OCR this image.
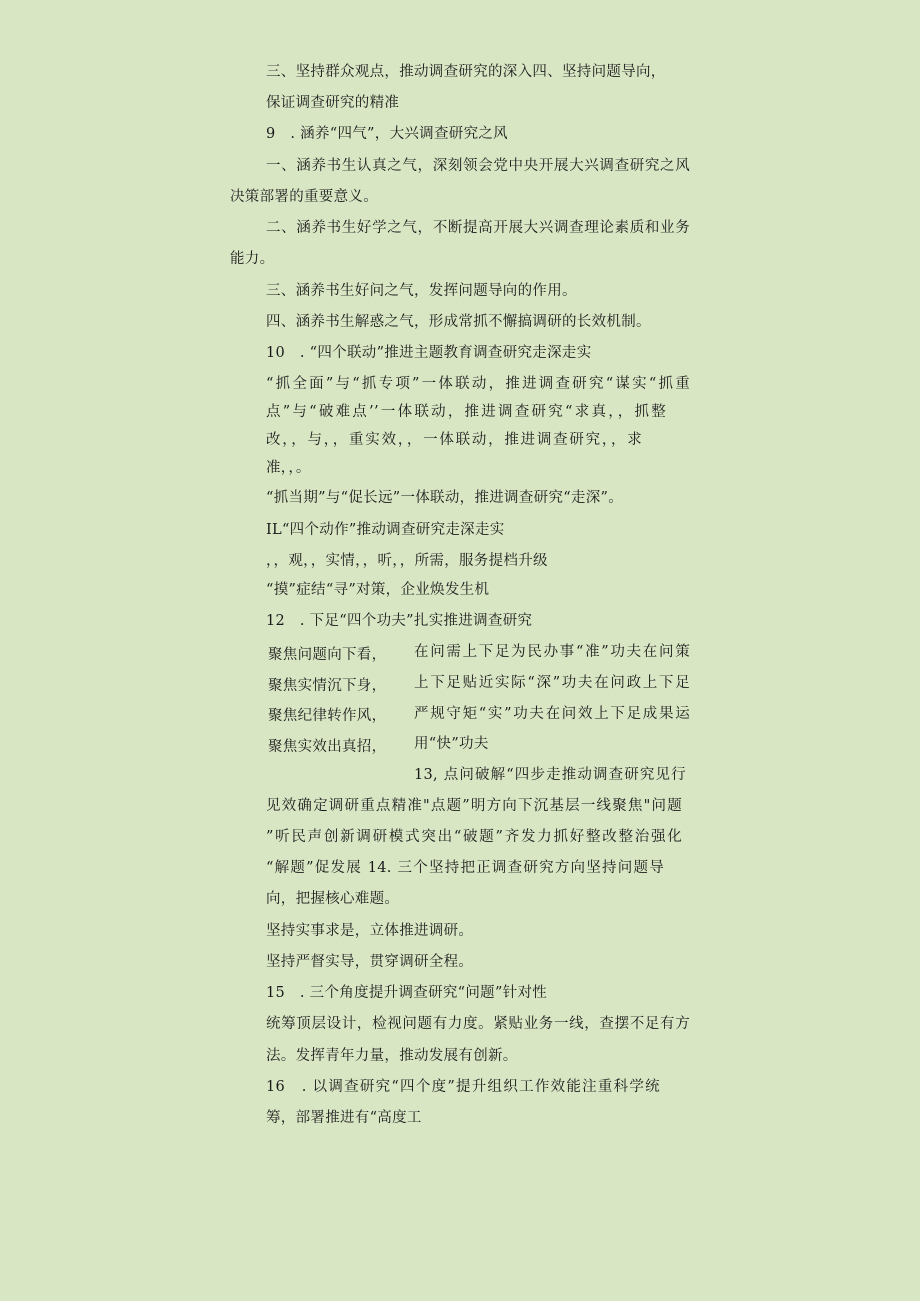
三、坚持群众观点，推动调查研究的深入四、坚持问题导向，
保证调查研究的精准
9　. 涵养“四气”，大兴调查研究之风
一、涵养书生认真之气，深刻领会党中央开展大兴调查研究之风
决策部署的重要意义。
二、涵养书生好学之气，不断提高开展大兴调查理论素质和业务
能力。
三、涵养书生好问之气，发挥问题导向的作用。
四、涵养书生解惑之气，形成常抓不懈搞调研的长效机制。
10　. “四个联动”推进主题教育调查研究走深走实
“抓全面”与“抓专项”一体联动，推进调查研究“谋实“抓重
点”与“破难点’’一体联动，推进调查研究“求真，，抓整
改，，与，，重实效，，一体联动，推进调查研究，，求
准，，。
“抓当期”与“促长远”一体联动，推进调查研究“走深”。
IL“四个动作”推动调查研究走深走实
，，观，，实情，，听，，所需，服务提档升级
“摸”症结“寻”对策，企业焕发生机
12　. 下足“四个功夫”扎实推进调查研究
聚焦问题向下看，
聚焦实情沉下身，
聚焦纪律转作风，
聚焦实效出真招，
在问需上下足为民办事“准”功夫在问策
上下足贴近实际“深”功夫在问政上下足
严规守矩“实”功夫在问效上下足成果运
用“快”功夫
13, 点问破解“四步走推动调查研究见行
见效确定调研重点精准"点题”明方向下沉基层一线聚焦"问题
”听民声创新调研模式突出“破题”齐发力抓好整改整治强化
“解题”促发展 14. 三个坚持把正调查研究方向坚持问题导
向，把握核心难题。
坚持实事求是，立体推进调研。
坚持严督实导，贯穿调研全程。
15　. 三个角度提升调查研究“问题”针对性
统筹顶层设计，检视问题有力度。紧贴业务一线，查摆不足有方
法。发挥青年力量，推动发展有创新。
16　. 以调查研究“四个度”提升组织工作效能注重科学统
筹，部署推进有“高度工
